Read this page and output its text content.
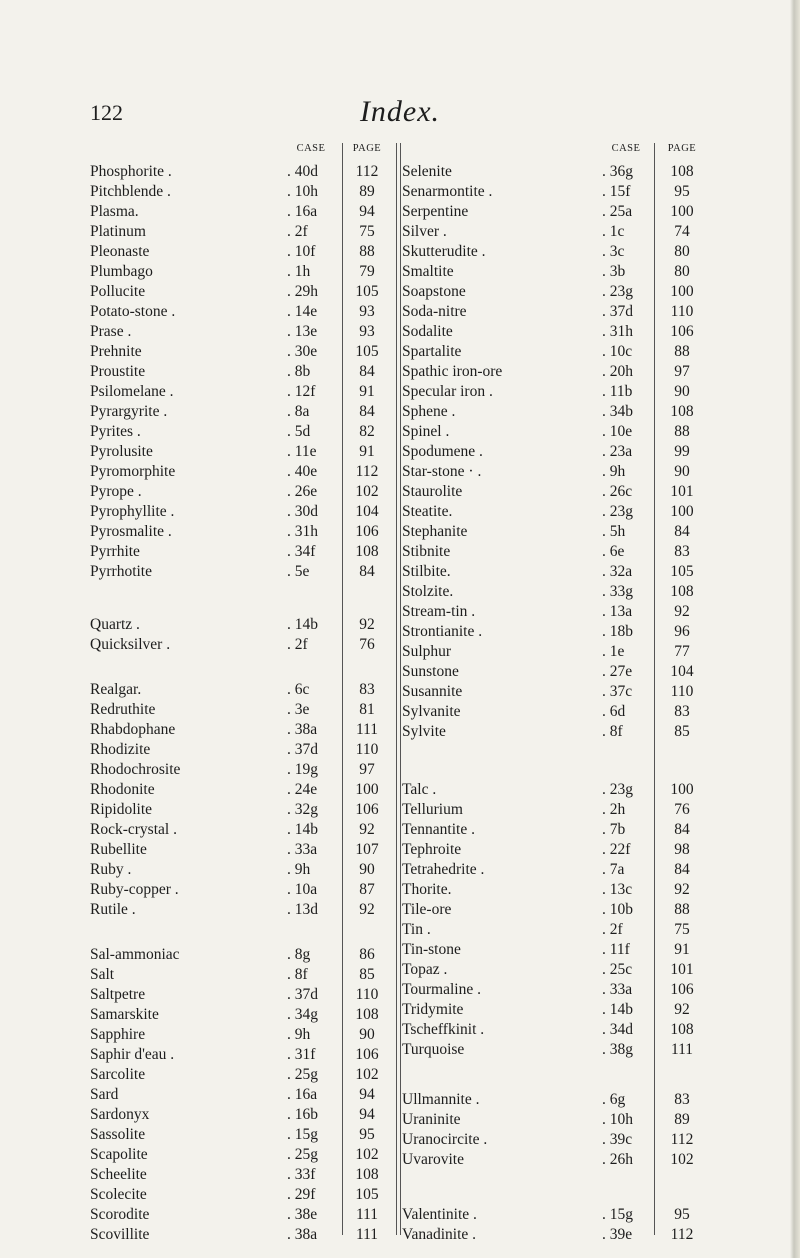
122	Index.
CASE	PAGE
Phosphorite .	. 40d	112
Pitchblende .	. 10h	89
Plasma.	. 16a	94
Platinum	. 2f	75
Pleonaste	. 10f	88
Plumbago	. 1h	79
Pollucite	. 29h	105
Potato-stone .	. 14e	93
Prase .	. 13e	93
Prehnite	. 30e	105
Proustite	. 8b	84
Psilomelane .	. 12f	91
Pyrargyrite .	. 8a	84
Pyrites .	. 5d	82
Pyrolusite	. 11e	91
Pyromorphite	. 40e	112
Pyrope .	. 26e	102
Pyrophyllite .	. 30d	104
Pyrosmalite .	. 31h	106
Pyrrhite	. 34f	108
Pyrrhotite	. 5e	84
Quartz .	. 14b	92
Quicksilver .	. 2f	76
Realgar.	. 6c	83
Redruthite	. 3e	81
Rhabdophane	. 38a	111
Rhodizite	. 37d	110
Rhodochrosite	. 19g	97
Rhodonite	. 24e	100
Ripidolite	. 32g	106
Rock-crystal .	. 14b	92
Rubellite	. 33a	107
Ruby .	. 9h	90
Ruby-copper .	. 10a	87
Rutile .	. 13d	92
Sal-ammoniac	. 8g	86
Salt	. 8f	85
Saltpetre	. 37d	110
Samarskite	. 34g	108
Sapphire	. 9h	90
Saphir d'eau .	. 31f	106
Sarcolite	. 25g	102
Sard	. 16a	94
Sardonyx	. 16b	94
Sassolite	. 15g	95
Scapolite	. 25g	102
Scheelite	. 33f	108
Scolecite	. 29f	105
Scorodite	. 38e	111
Scovillite	. 38a	111
CASE	PAGE
Selenite	. 36g	108
Senarmontite .	. 15f	95
Serpentine	. 25a	100
Silver .	. 1c	74
Skutterudite .	. 3c	80
Smaltite	. 3b	80
Soapstone	. 23g	100
Soda-nitre	. 37d	110
Sodalite	. 31h	106
Spartalite	. 10c	88
Spathic iron-ore	. 20h	97
Specular iron .	. 11b	90
Sphene .	. 34b	108
Spinel .	. 10e	88
Spodumene .	. 23a	99
Star-stone · .	. 9h	90
Staurolite	. 26c	101
Steatite.	. 23g	100
Stephanite	. 5h	84
Stibnite	. 6e	83
Stilbite.	. 32a	105
Stolzite.	. 33g	108
Stream-tin .	. 13a	92
Strontianite .	. 18b	96
Sulphur	. 1e	77
Sunstone	. 27e	104
Susannite	. 37c	110
Sylvanite	. 6d	83
Sylvite	. 8f	85
Talc .	. 23g	100
Tellurium	. 2h	76
Tennantite .	. 7b	84
Tephroite	. 22f	98
Tetrahedrite .	. 7a	84
Thorite.	. 13c	92
Tile-ore	. 10b	88
Tin .	. 2f	75
Tin-stone	. 11f	91
Topaz .	. 25c	101
Tourmaline .	. 33a	106
Tridymite	. 14b	92
Tscheffkinit .	. 34d	108
Turquoise	. 38g	111
Ullmannite .	. 6g	83
Uraninite	. 10h	89
Uranocircite .	. 39c	112
Uvarovite	. 26h	102
Valentinite .	. 15g	95
Vanadinite .	. 39e	112
